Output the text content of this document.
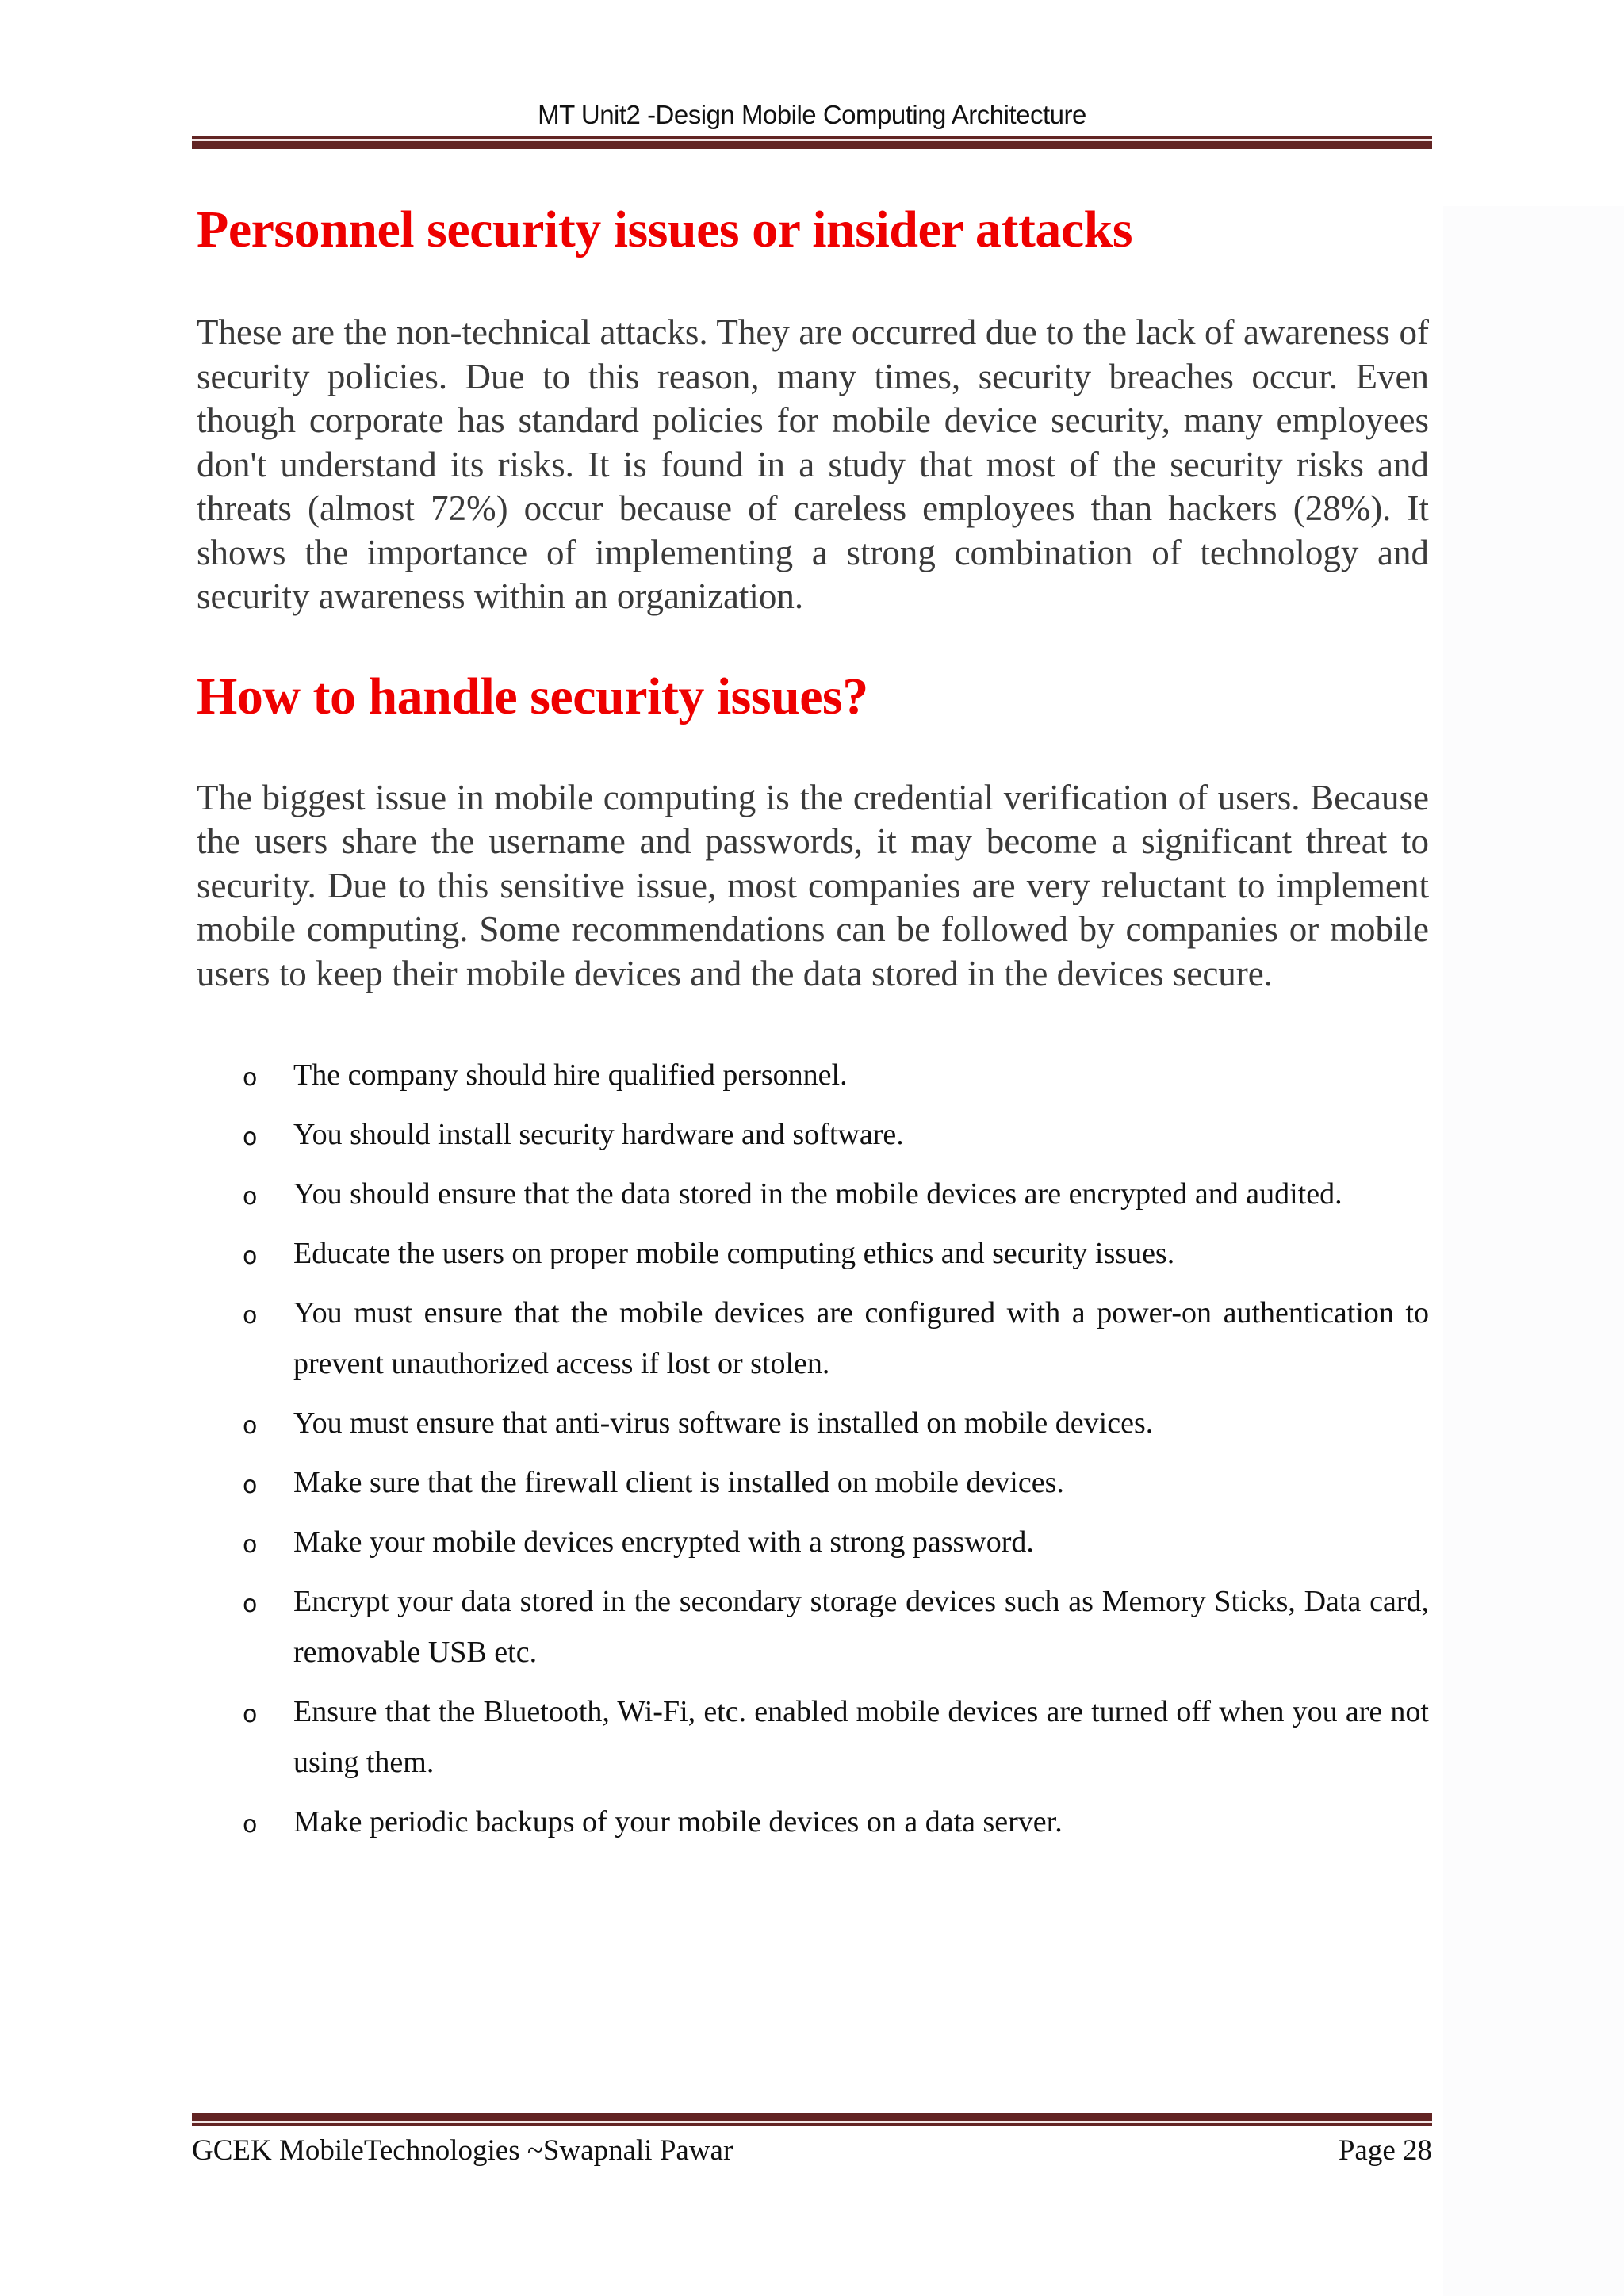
MT Unit2 -Design Mobile Computing Architecture
Personnel security issues or insider attacks

These are the non-technical attacks. They are occurred due to the lack of awareness of security policies. Due to this reason, many times, security breaches occur. Even though corporate has standard policies for mobile device security, many employees don't understand its risks. It is found in a study that most of the security risks and threats (almost 72%) occur because of careless employees than hackers (28%). It shows the importance of implementing a strong combination of technology and security awareness within an organization.

How to handle security issues?

The biggest issue in mobile computing is the credential verification of users. Because the users share the username and passwords, it may become a significant threat to security. Due to this sensitive issue, most companies are very reluctant to implement mobile computing. Some recommendations can be followed by companies or mobile users to keep their mobile devices and the data stored in the devices secure.

o The company should hire qualified personnel.
o You should install security hardware and software.
o You should ensure that the data stored in the mobile devices are encrypted and audited.
o Educate the users on proper mobile computing ethics and security issues.
o You must ensure that the mobile devices are configured with a power-on authentication to prevent unauthorized access if lost or stolen.
o You must ensure that anti-virus software is installed on mobile devices.
o Make sure that the firewall client is installed on mobile devices.
o Make your mobile devices encrypted with a strong password.
o Encrypt your data stored in the secondary storage devices such as Memory Sticks, Data card, removable USB etc.
o Ensure that the Bluetooth, Wi-Fi, etc. enabled mobile devices are turned off when you are not using them.
o Make periodic backups of your mobile devices on a data server.
GCEK MobileTechnologies ~Swapnali Pawar	Page 28
